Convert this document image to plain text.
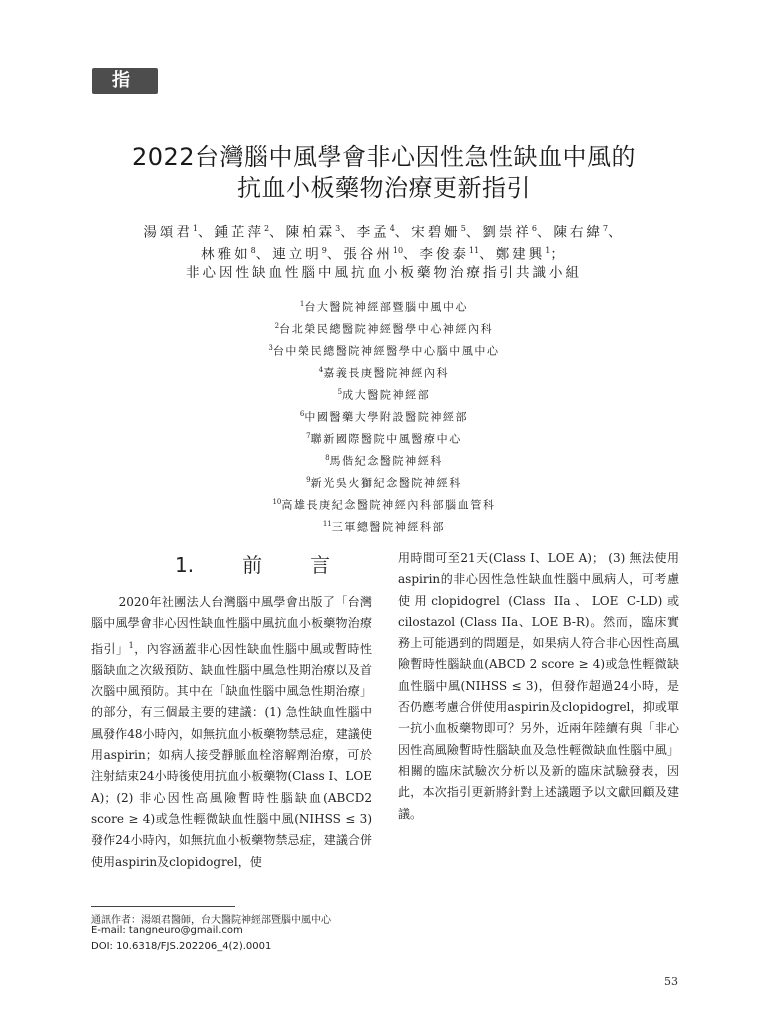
指 引
2022台灣腦中風學會非心因性急性缺血中風的
抗血小板藥物治療更新指引
湯頌君$^1$、鍾芷萍$^2$、陳柏霖$^3$、李孟$^4$、宋碧姍$^5$、劉崇祥$^6$、陳右緯$^7$、
林雅如$^8$、連立明$^9$、張谷州$^{10}$、李俊泰$^{11}$、鄭建興$^1$；
非心因性缺血性腦中風抗血小板藥物治療指引共識小組
$^1$台大醫院神經部暨腦中風中心
$^2$台北榮民總醫院神經醫學中心神經內科
$^3$台中榮民總醫院神經醫學中心腦中風中心
$^4$嘉義長庚醫院神經內科
$^5$成大醫院神經部
$^6$中國醫藥大學附設醫院神經部
$^7$聯新國際醫院中風醫療中心
$^8$馬偕紀念醫院神經科
$^9$新光吳火獅紀念醫院神經科
$^{10}$高雄長庚紀念醫院神經內科部腦血管科
$^{11}$三軍總醫院神經科部
1. 前 言

2020年社團法人台灣腦中風學會出版了「台灣腦中風學會非心因性缺血性腦中風抗血小板藥物治療指引」$^1$，內容涵蓋非心因性缺血性腦中風或暫時性腦缺血之次級預防、缺血性腦中風急性期治療以及首次腦中風預防。其中在「缺血性腦中風急性期治療」的部分，有三個最主要的建議：(1) 急性缺血性腦中風發作48小時內，如無抗血小板藥物禁忌症，建議使用aspirin；如病人接受靜脈血栓溶解劑治療，可於注射結束24小時後使用抗血小板藥物(Class I、LOE A)；(2) 非心因性高風險暫時性腦缺血(ABCD2 score ≥ 4)或急性輕微缺血性腦中風(NIHSS ≤ 3)發作24小時內，如無抗血小板藥物禁忌症，建議合併使用aspirin及clopidogrel，使

用時間可至21天(Class I、LOE A)； (3) 無法使用aspirin的非心因性急性缺血性腦中風病人，可考慮使用clopidogrel (Class IIa、LOE C-LD)或cilostazol (Class IIa、LOE B-R)。然而，臨床實務上可能遇到的問題是，如果病人符合非心因性高風險暫時性腦缺血(ABCD 2 score ≥ 4)或急性輕微缺血性腦中風(NIHSS ≤ 3)，但發作超過24小時，是否仍應考慮合併使用aspirin及clopidogrel，抑或單一抗小血板藥物即可？另外，近兩年陸續有與「非心因性高風險暫時性腦缺血及急性輕微缺血性腦中風」相關的臨床試驗次分析以及新的臨床試驗發表，因此，本次指引更新將針對上述議題予以文獻回顧及建議。

通訊作者：湯頌君醫師，台大醫院神經部暨腦中風中心
E-mail: tangneuro@gmail.com
DOI: 10.6318/FJS.202206_4(2).0001
53
